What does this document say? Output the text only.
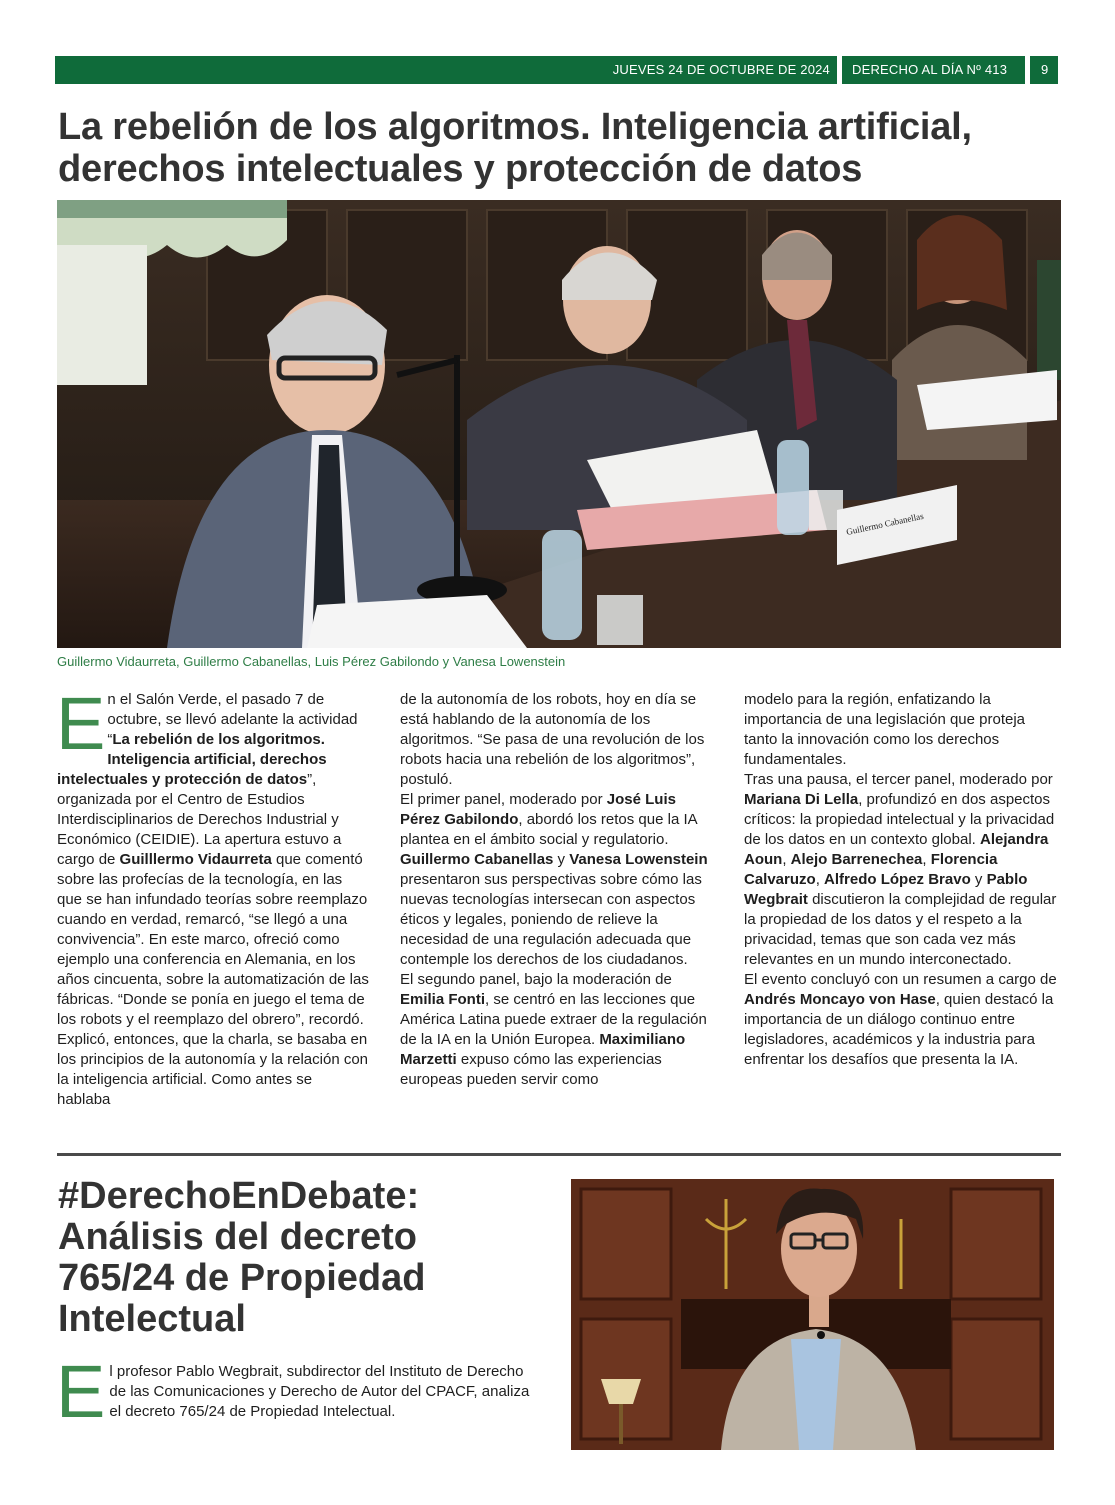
JUEVES 24 DE OCTUBRE DE 2024 DERECHO AL DÍA Nº 413	9
La rebelión de los algoritmos. Inteligencia artificial, derechos intelectuales y protección de datos
Guillermo Cabanellas
Guillermo Vidaurreta, Guillermo Cabanellas, Luis Pérez Gabilondo y Vanesa Lowenstein
E n el Salón Verde, el pasado 7 de octubre, se llevó adelante la actividad “La rebelión de los algoritmos. Inteligencia artificial, derechos intelectuales y protección de datos”, organizada por el Centro de Estudios Interdisciplinarios de Derechos Industrial y Económico (CEIDIE). La apertura estuvo a cargo de Guilllermo Vidaurreta que comentó sobre las profecías de la tecnología, en las que se han infundado teorías sobre reemplazo cuando en verdad, remarcó, “se llegó a una convivencia”. En este marco, ofreció como ejemplo una conferencia en Alemania, en los años cincuenta, sobre la automatización de las fábricas. “Donde se ponía en juego el tema de los robots y el reemplazo del obrero”, recordó. Explicó, entonces, que la charla, se basaba en los principios de la autonomía y la relación con la inteligencia artificial. Como antes se hablaba

de la autonomía de los robots, hoy en día se está hablando de la autonomía de los algoritmos. “Se pasa de una revolución de los robots hacia una rebelión de los algoritmos”, postuló.
El primer panel, moderado por José Luis Pérez Gabilondo, abordó los retos que la IA plantea en el ámbito social y regulatorio. Guillermo Cabanellas y Vanesa Lowenstein presentaron sus perspectivas sobre cómo las nuevas tecnologías intersecan con aspectos éticos y legales, poniendo de relieve la necesidad de una regulación adecuada que contemple los derechos de los ciudadanos.
El segundo panel, bajo la moderación de Emilia Fonti, se centró en las lecciones que América Latina puede extraer de la regulación de la IA en la Unión Europea. Maximiliano Marzetti expuso cómo las experiencias europeas pueden servir como

modelo para la región, enfatizando la importancia de una legislación que proteja tanto la innovación como los derechos fundamentales.
Tras una pausa, el tercer panel, moderado por Mariana Di Lella, profundizó en dos aspectos críticos: la propiedad intelectual y la privacidad de los datos en un contexto global. Alejandra Aoun, Alejo Barrenechea, Florencia Calvaruzo, Alfredo López Bravo y Pablo Wegbrait discutieron la complejidad de regular la propiedad de los datos y el respeto a la privacidad, temas que son cada vez más relevantes en un mundo interconectado.
El evento concluyó con un resumen a cargo de Andrés Moncayo von Hase, quien destacó la importancia de un diálogo continuo entre legisladores, académicos y la industria para enfrentar los desafíos que presenta la IA.

#DerechoEnDebate: Análisis del decreto 765/24 de Propiedad Intelectual
E l profesor Pablo Wegbrait, subdirector del Instituto de Derecho de las Comunicaciones y Derecho de Autor del CPACF, analiza el decreto 765/24 de Propiedad Intelectual.
